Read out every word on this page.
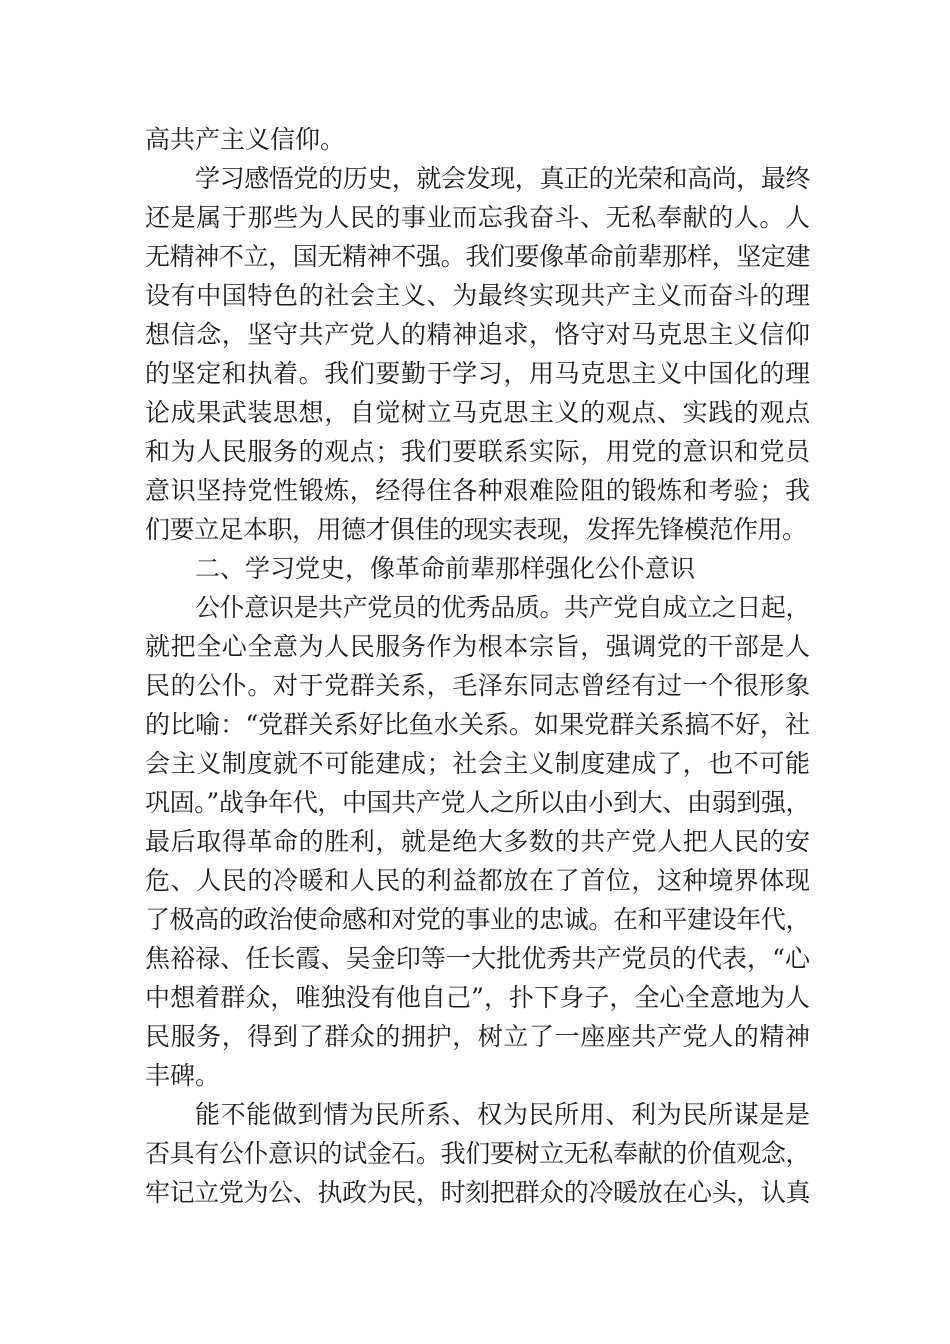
高共产主义信仰。
学习感悟党的历史，就会发现，真正的光荣和高尚，最终
还是属于那些为人民的事业而忘我奋斗、无私奉献的人。人
无精神不立，国无精神不强。我们要像革命前辈那样，坚定建
设有中国特色的社会主义、为最终实现共产主义而奋斗的理
想信念，坚守共产党人的精神追求，恪守对马克思主义信仰
的坚定和执着。我们要勤于学习，用马克思主义中国化的理
论成果武装思想，自觉树立马克思主义的观点、实践的观点
和为人民服务的观点；我们要联系实际，用党的意识和党员
意识坚持党性锻炼，经得住各种艰难险阻的锻炼和考验；我
们要立足本职，用德才俱佳的现实表现，发挥先锋模范作用。
二、学习党史，像革命前辈那样强化公仆意识
公仆意识是共产党员的优秀品质。共产党自成立之日起，
就把全心全意为人民服务作为根本宗旨，强调党的干部是人
民的公仆。对于党群关系，毛泽东同志曾经有过一个很形象
的比喻：“党群关系好比鱼水关系。如果党群关系搞不好，社
会主义制度就不可能建成；社会主义制度建成了，也不可能
巩固。”战争年代，中国共产党人之所以由小到大、由弱到强，
最后取得革命的胜利，就是绝大多数的共产党人把人民的安
危、人民的冷暖和人民的利益都放在了首位，这种境界体现
了极高的政治使命感和对党的事业的忠诚。在和平建设年代，
焦裕禄、任长霞、吴金印等一大批优秀共产党员的代表，“心
中想着群众，唯独没有他自己”，扑下身子，全心全意地为人
民服务，得到了群众的拥护，树立了一座座共产党人的精神
丰碑。
能不能做到情为民所系、权为民所用、利为民所谋是是
否具有公仆意识的试金石。我们要树立无私奉献的价值观念，
牢记立党为公、执政为民，时刻把群众的冷暖放在心头，认真
